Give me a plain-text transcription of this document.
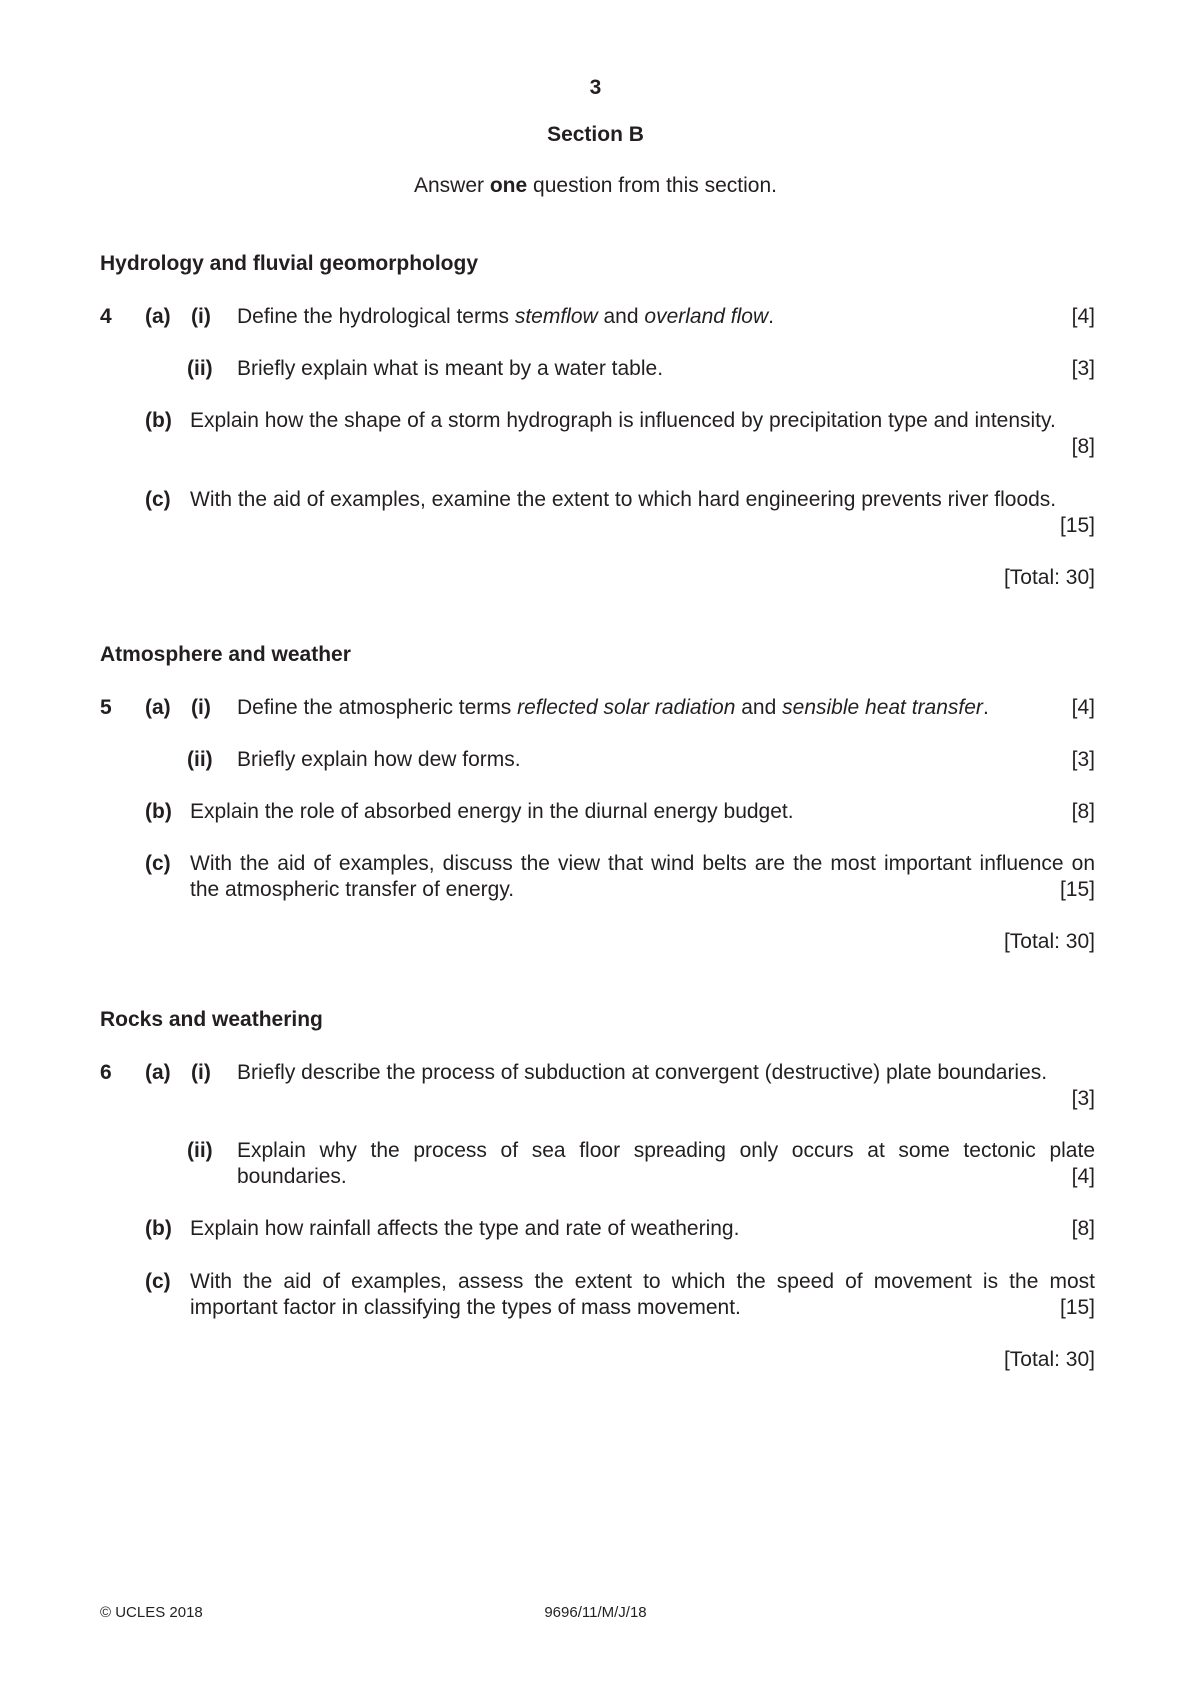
3
Section B
Answer one question from this section.
Hydrology and fluvial geomorphology
4 (a) (i) Define the hydrological terms stemflow and overland flow.	[4]
(ii) Briefly explain what is meant by a water table.	[3]
(b) Explain how the shape of a storm hydrograph is influenced by precipitation type and intensity.
[8]
(c) With the aid of examples, examine the extent to which hard engineering prevents river floods.
[15]
[Total: 30]
Atmosphere and weather
5 (a) (i) Define the atmospheric terms reflected solar radiation and sensible heat transfer.	[4]
(ii) Briefly explain how dew forms.	[3]
(b) Explain the role of absorbed energy in the diurnal energy budget.	[8]
(c) With the aid of examples, discuss the view that wind belts are the most important influence on
the atmospheric transfer of energy.	[15]
[Total: 30]
Rocks and weathering
6 (a) (i) Briefly describe the process of subduction at convergent (destructive) plate boundaries.
[3]
(ii) Explain why the process of sea floor spreading only occurs at some tectonic plate
boundaries.	[4]
(b) Explain how rainfall affects the type and rate of weathering.	[8]
(c) With the aid of examples, assess the extent to which the speed of movement is the most
important factor in classifying the types of mass movement.	[15]
[Total: 30]
© UCLES 2018	9696/11/M/J/18
